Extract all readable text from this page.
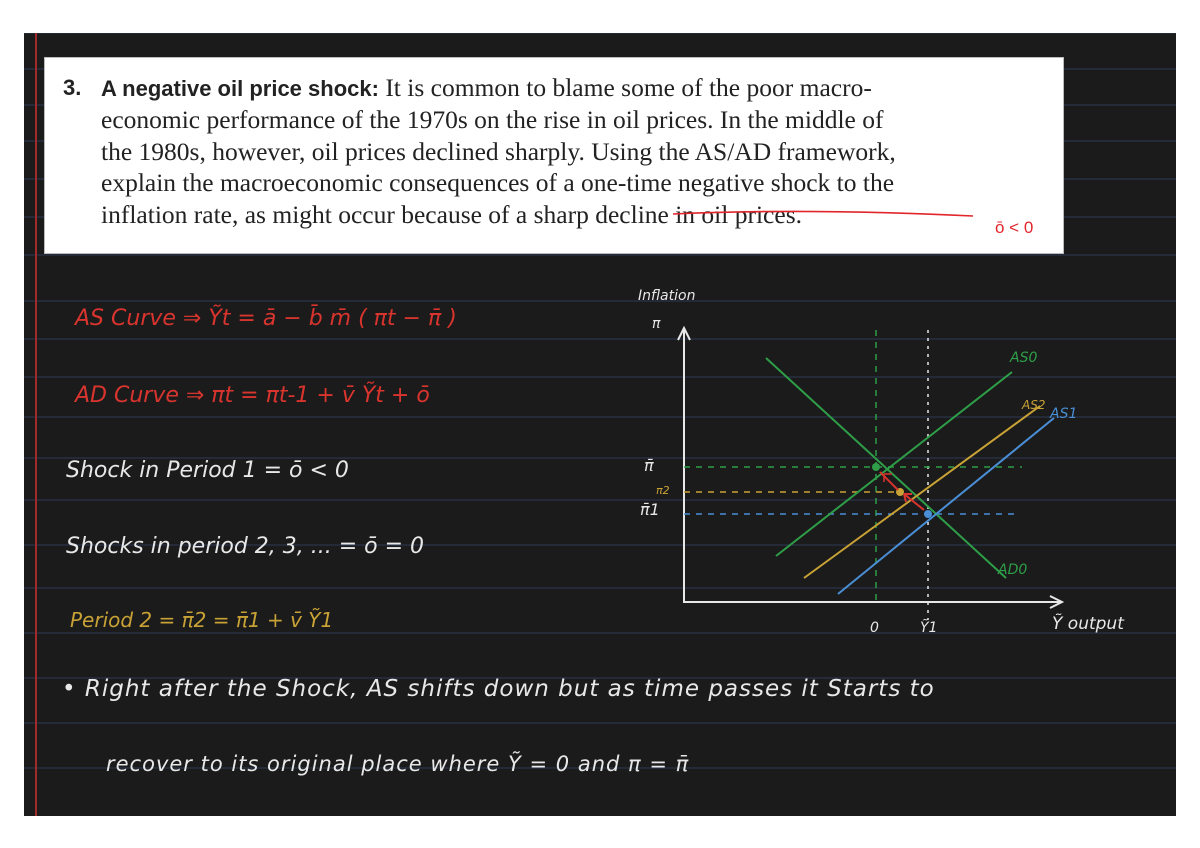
3. A negative oil price shock: It is common to blame some of the poor macro-
economic performance of the 1970s on the rise in oil prices. In the middle of
the 1980s, however, oil prices declined sharply. Using the AS/AD framework,
explain the macroeconomic consequences of a one-time negative shock to the
inflation rate, as might occur because of a sharp decline in oil prices.	ō < 0
AS Curve ⇒ Ỹt = ā − b̄ m̄ ( πt − π̄ )
AD Curve ⇒ πt = πt-1 + v̄ Ỹt + ō
Shock in Period 1 = ō < 0
Shocks in period 2, 3, ... = ō = 0
Period 2 = π̄2 = π̄1 + v̄ Ỹ1
• Right after the Shock, AS shifts down but as time passes it Starts to
recover to its original place where Ỹ = 0 and π = π̄
Inflation
π
Ỹ output
π̄
π2
π̄1
0	Ỹ1
AS0
AS2
AS1
AD0
